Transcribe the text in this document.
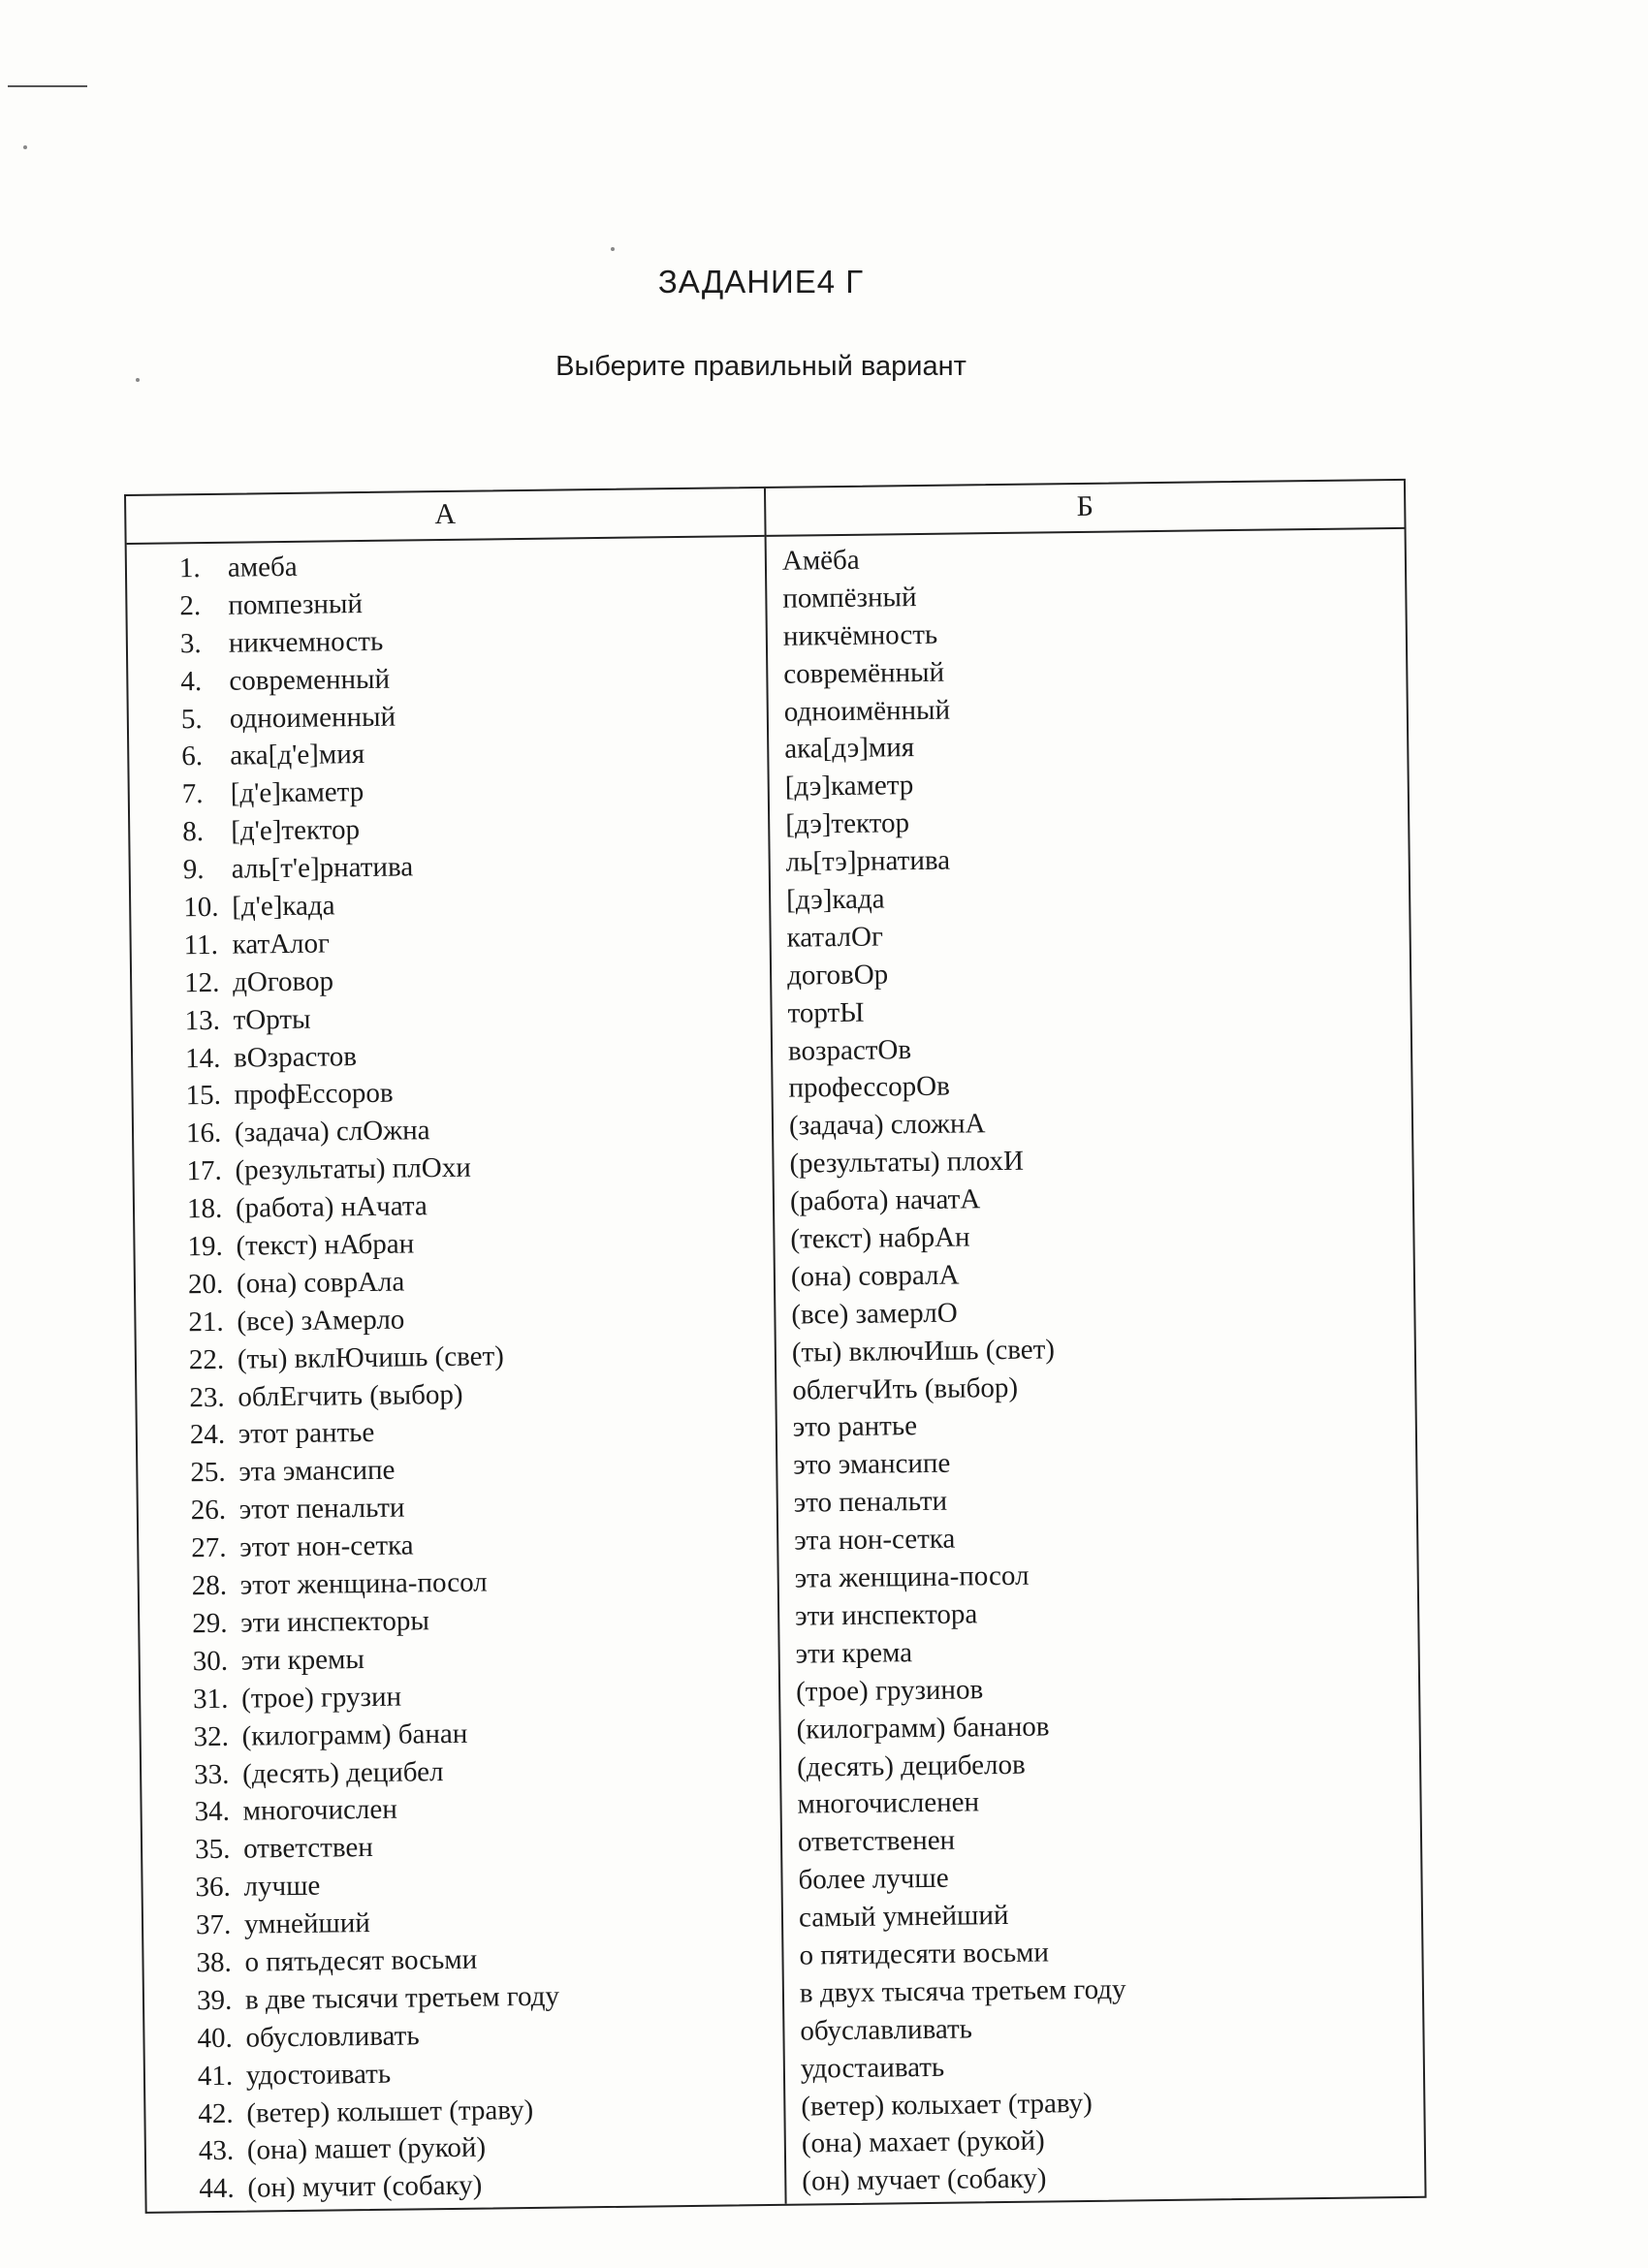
ЗАДАНИЕ4 Г
Выберите правильный вариант
А	Б
1. амеба
2. помпезный
3. никчемность
4. современный
5. одноименный
6. ака[д'е]мия
7. [д'е]каметр
8. [д'е]тектор
9. аль[т'е]рнатива
10. [д'е]када
11. катАлог
12. дОговор
13. тОрты
14. вОзрастов
15. профЕссоров
16. (задача) слОжна
17. (результаты) плОхи
18. (работа) нАчата
19. (текст) нАбран
20. (она) соврАла
21. (все) зАмерло
22. (ты) вклЮчишь (свет)
23. облЕгчить (выбор)
24. этот рантье
25. эта эмансипе
26. этот пенальти
27. этот нон-сетка
28. этот женщина-посол
29. эти инспекторы
30. эти кремы
31. (трое) грузин
32. (килограмм) банан
33. (десять) децибел
34. многочислен
35. ответствен
36. лучше
37. умнейший
38. о пятьдесят восьми
39. в две тысячи третьем году
40. обусловливать
41. удостоивать
42. (ветер) колышет (траву)
43. (она) машет (рукой)
44. (он) мучит (собаку)
Амёба
помпёзный
никчёмность
совремённый
одноимённый
ака[дэ]мия
[дэ]каметр
[дэ]тектор
ль[тэ]рнатива
[дэ]када
каталОг
договОр
тортЫ
возрастОв
профессорОв
(задача) сложнА
(результаты) плохИ
(работа) начатА
(текст) набрАн
(она) совралА
(все) замерлО
(ты) включИшь (свет)
облегчИть (выбор)
это рантье
это эмансипе
это пенальти
эта нон-сетка
эта женщина-посол
эти инспектора
эти крема
(трое) грузинов
(килограмм) бананов
(десять) децибелов
многочисленен
ответственен
более лучше
самый умнейший
о пятидесяти восьми
в двух тысяча третьем году
обуславливать
удостаивать
(ветер) колыхает (траву)
(она) махает (рукой)
(он) мучает (собаку)
